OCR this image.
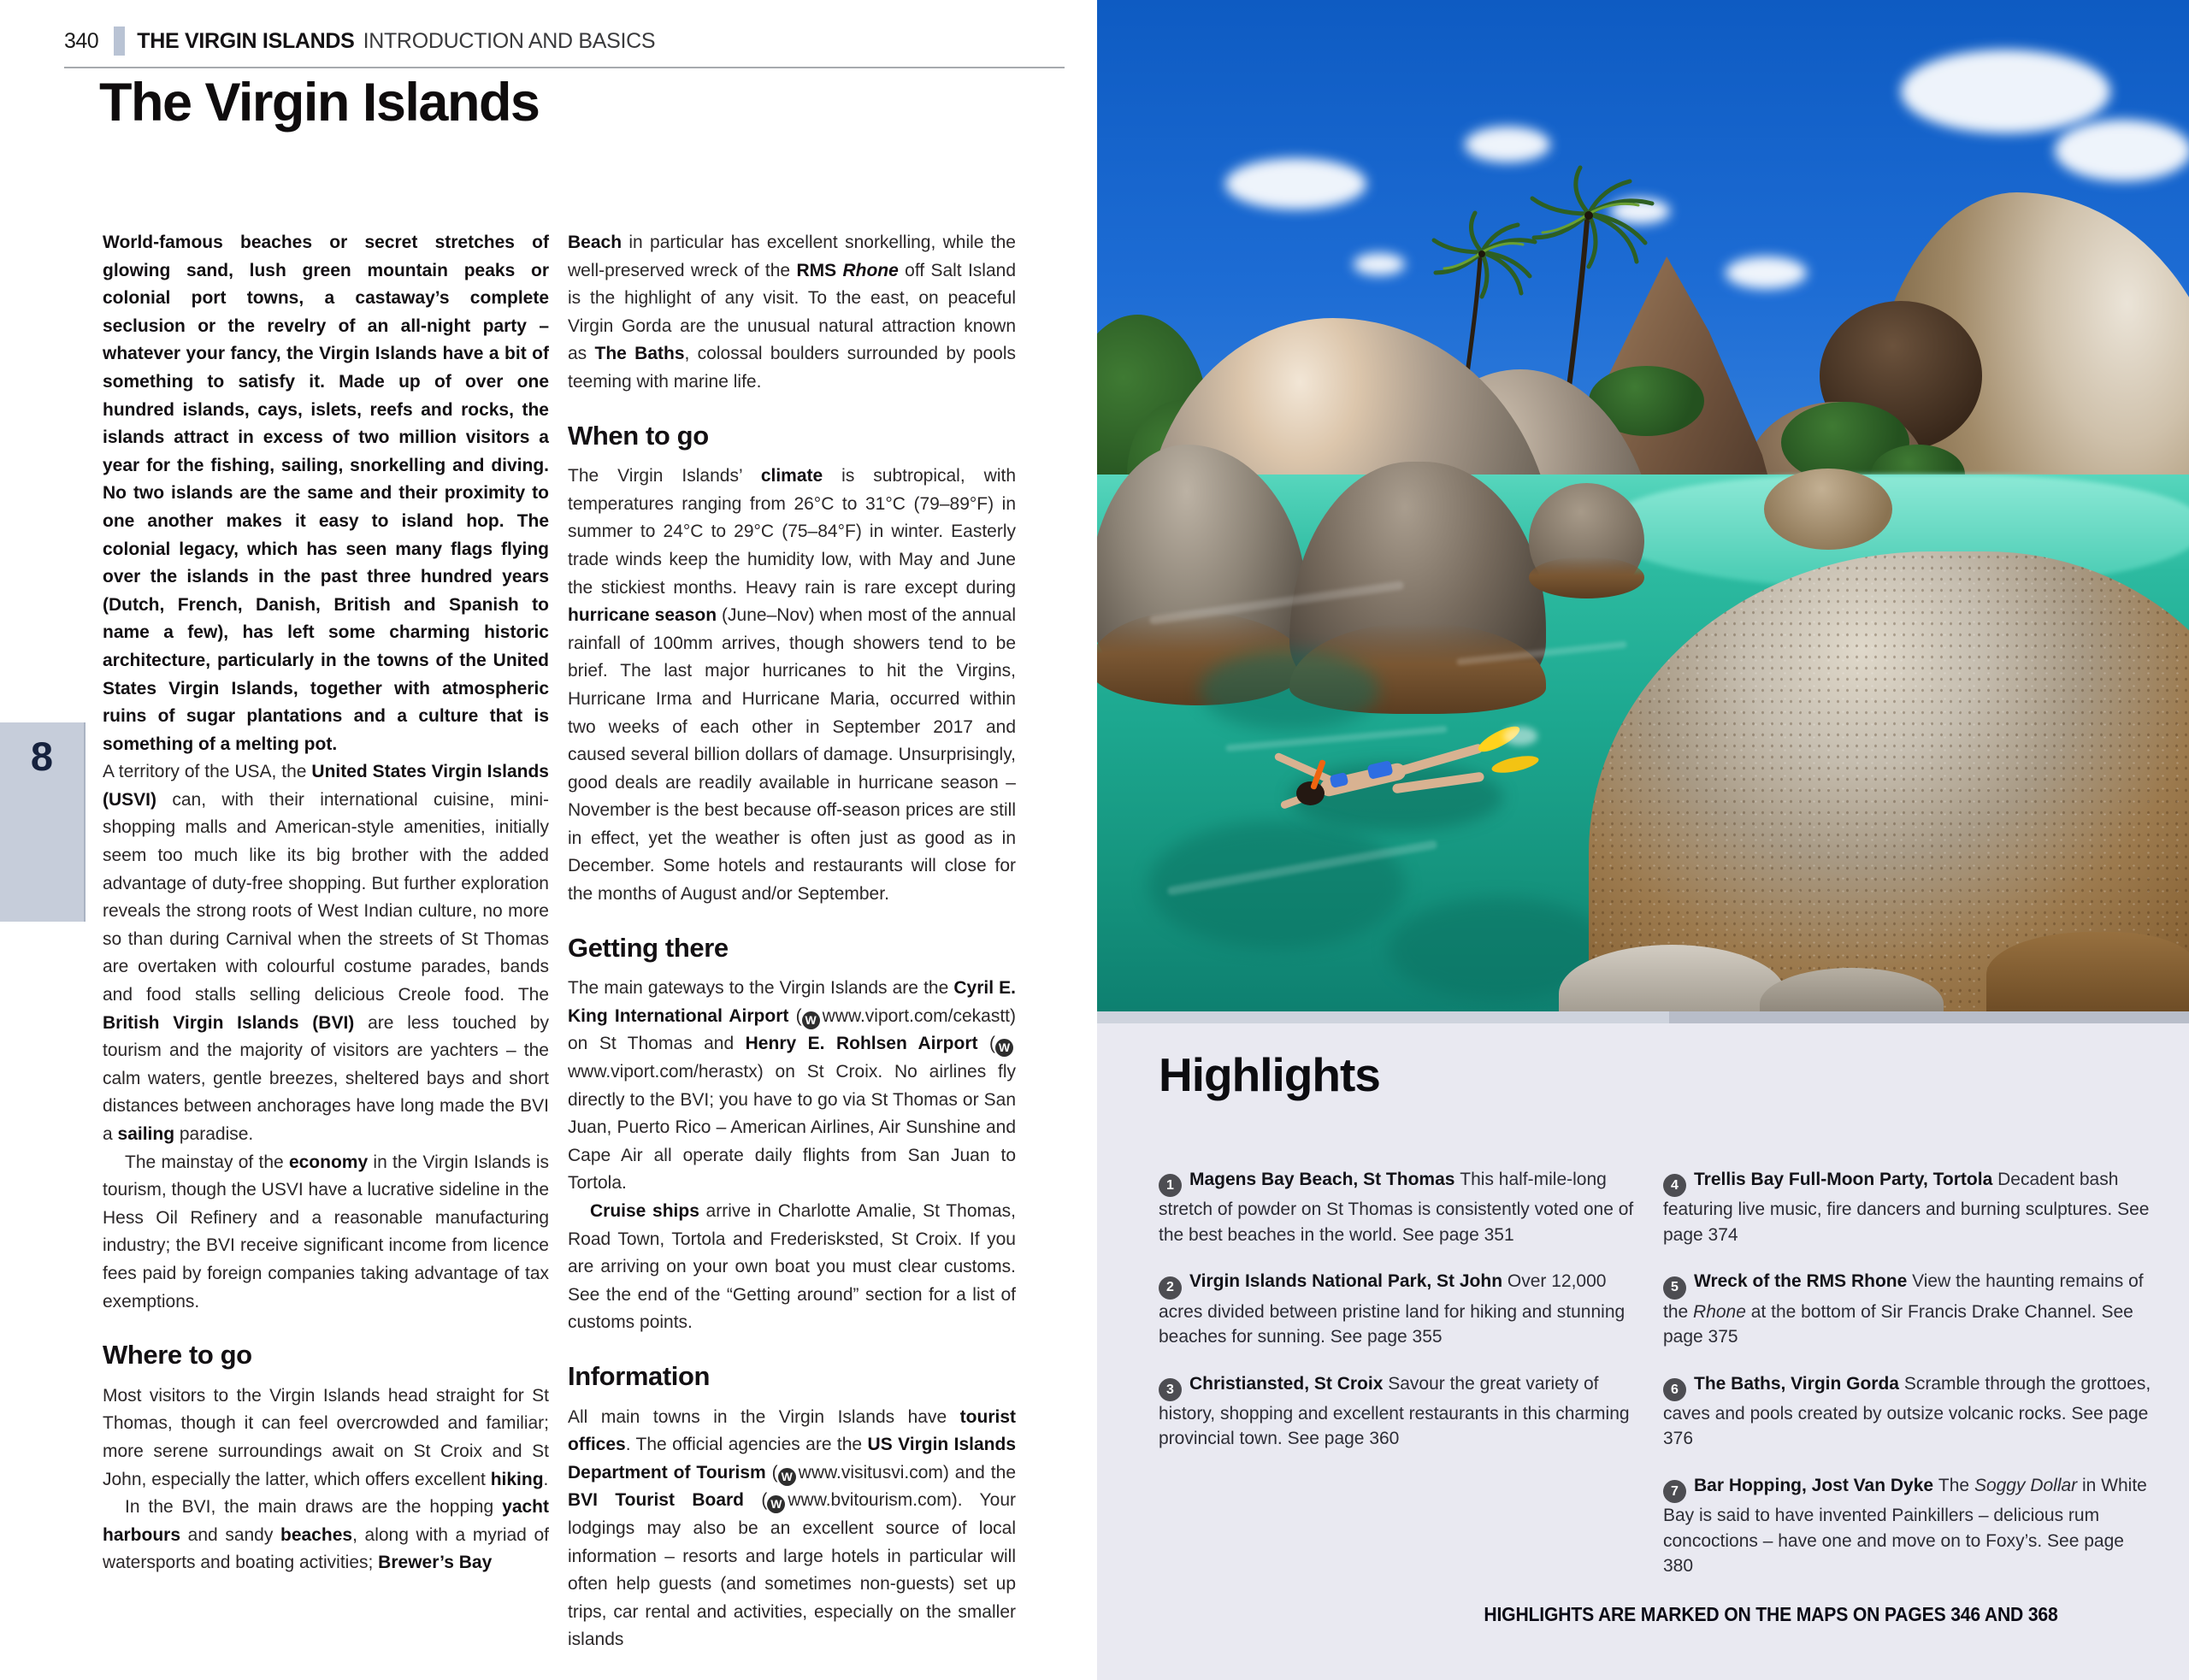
340 THE VIRGIN ISLANDS INTRODUCTION AND BASICS
The Virgin Islands

World-famous beaches or secret stretches of glowing sand, lush green mountain peaks or colonial port towns, a castaway’s complete seclusion or the revelry of an all-night party – whatever your fancy, the Virgin Islands have a bit of something to satisfy it. Made up of over one hundred islands, cays, islets, reefs and rocks, the islands attract in excess of two million visitors a year for the fishing, sailing, snorkelling and diving. No two islands are the same and their proximity to one another makes it easy to island hop. The colonial legacy, which has seen many flags flying over the islands in the past three hundred years (Dutch, French, Danish, British and Spanish to name a few), has left some charming historic architecture, particularly in the towns of the United States Virgin Islands, together with atmospheric ruins of sugar plantations and a culture that is something of a melting pot.

A territory of the USA, the United States Virgin Islands (USVI) can, with their international cuisine, mini-shopping malls and American-style amenities, initially seem too much like its big brother with the added advantage of duty-free shopping. But further exploration reveals the strong roots of West Indian culture, no more so than during Carnival when the streets of St Thomas are overtaken with colourful costume parades, bands and food stalls selling delicious Creole food. The British Virgin Islands (BVI) are less touched by tourism and the majority of visitors are yachters – the calm waters, gentle breezes, sheltered bays and short distances between anchorages have long made the BVI a sailing paradise.

The mainstay of the economy in the Virgin Islands is tourism, though the USVI have a lucrative sideline in the Hess Oil Refinery and a reasonable manufacturing industry; the BVI receive significant income from licence fees paid by foreign companies taking advantage of tax exemptions.

Where to go

Most visitors to the Virgin Islands head straight for St Thomas, though it can feel overcrowded and familiar; more serene surroundings await on St Croix and St John, especially the latter, which offers excellent hiking.

In the BVI, the main draws are the hopping yacht harbours and sandy beaches, along with a myriad of watersports and boating activities; Brewer’s Bay

Beach in particular has excellent snorkelling, while the well-preserved wreck of the RMS Rhone off Salt Island is the highlight of any visit. To the east, on peaceful Virgin Gorda are the unusual natural attraction known as The Baths, colossal boulders surrounded by pools teeming with marine life.

When to go

The Virgin Islands’ climate is subtropical, with temperatures ranging from 26°C to 31°C (79–89°F) in summer to 24°C to 29°C (75–84°F) in winter. Easterly trade winds keep the humidity low, with May and June the stickiest months. Heavy rain is rare except during hurricane season (June–Nov) when most of the annual rainfall of 100mm arrives, though showers tend to be brief. The last major hurricanes to hit the Virgins, Hurricane Irma and Hurricane Maria, occurred within two weeks of each other in September 2017 and caused several billion dollars of damage. Unsurprisingly, good deals are readily available in hurricane season – November is the best because off-season prices are still in effect, yet the weather is often just as good as in December. Some hotels and restaurants will close for the months of August and/or September.

Getting there

The main gateways to the Virgin Islands are the Cyril E. King International Airport ( W www.viport.com/cekastt) on St Thomas and Henry E. Rohlsen Airport ( Wwww.viport.com/herastx) on St Croix. No airlines fly directly to the BVI; you have to go via St Thomas or San Juan, Puerto Rico – American Airlines, Air Sunshine and Cape Air all operate daily flights from San Juan to Tortola.

Cruise ships arrive in Charlotte Amalie, St Thomas, Road Town, Tortola and Frederisksted, St Croix. If you are arriving on your own boat you must clear customs. See the end of the “Getting around” section for a list of customs points.

Information

All main towns in the Virgin Islands have tourist offices. The official agencies are the US Virgin Islands Department of Tourism ( W www.visitusvi.com) and the BVI Tourist Board ( W www.bvitourism.com). Your lodgings may also be an excellent source of local information – resorts and large hotels in particular will often help guests (and sometimes non-guests) set up trips, car rental and activities, especially on the smaller islands

8
Highlights
1 Magens Bay Beach, St Thomas This half-mile-long stretch of powder on St Thomas is consistently voted one of the best beaches in the world. See page 351
2 Virgin Islands National Park, St John Over 12,000 acres divided between pristine land for hiking and stunning beaches for sunning. See page 355
3 Christiansted, St Croix Savour the great variety of history, shopping and excellent restaurants in this charming provincial town. See page 360
4 Trellis Bay Full-Moon Party, Tortola Decadent bash featuring live music, fire dancers and burning sculptures. See page 374
5 Wreck of the RMS Rhone View the haunting remains of the Rhone at the bottom of Sir Francis Drake Channel. See page 375
6 The Baths, Virgin Gorda Scramble through the grottoes, caves and pools created by outsize volcanic rocks. See page 376
7 Bar Hopping, Jost Van Dyke The Soggy Dollar in White Bay is said to have invented Painkillers – delicious rum concoctions – have one and move on to Foxy’s. See page 380
HIGHLIGHTS ARE MARKED ON THE MAPS ON PAGES 346 AND 368
